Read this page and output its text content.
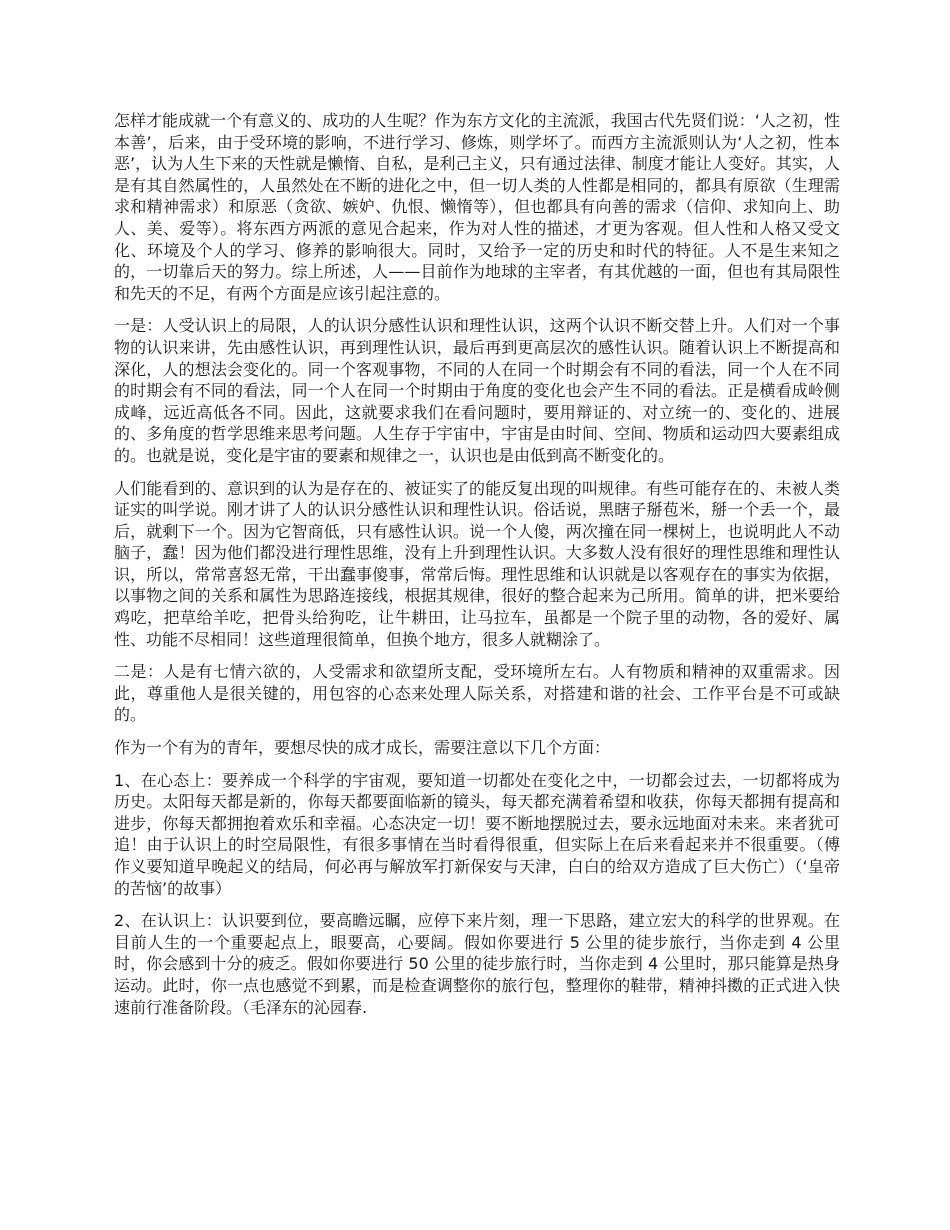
怎样才能成就一个有意义的、成功的人生呢？作为东方文化的主流派，我国古代先贤们说：‘人之初，性本善’，后来，由于受环境的影响，不进行学习、修炼，则学坏了。而西方主流派则认为‘人之初，性本恶’，认为人生下来的天性就是懒惰、自私，是利己主义，只有通过法律、制度才能让人变好。其实，人是有其自然属性的，人虽然处在不断的进化之中，但一切人类的人性都是相同的，都具有原欲（生理需求和精神需求）和原恶（贪欲、嫉妒、仇恨、懒惰等），但也都具有向善的需求（信仰、求知向上、助人、美、爱等）。将东西方两派的意见合起来，作为对人性的描述，才更为客观。但人性和人格又受文化、环境及个人的学习、修养的影响很大。同时，又给予一定的历史和时代的特征。人不是生来知之的，一切靠后天的努力。综上所述，人——目前作为地球的主宰者，有其优越的一面，但也有其局限性和先天的不足，有两个方面是应该引起注意的。

一是：人受认识上的局限，人的认识分感性认识和理性认识，这两个认识不断交替上升。人们对一个事物的认识来讲，先由感性认识，再到理性认识，最后再到更高层次的感性认识。随着认识上不断提高和深化，人的想法会变化的。同一个客观事物，不同的人在同一个时期会有不同的看法，同一个人在不同的时期会有不同的看法，同一个人在同一个时期由于角度的变化也会产生不同的看法。正是横看成岭侧成峰，远近高低各不同。因此，这就要求我们在看问题时，要用辩证的、对立统一的、变化的、进展的、多角度的哲学思维来思考问题。人生存于宇宙中，宇宙是由时间、空间、物质和运动四大要素组成的。也就是说，变化是宇宙的要素和规律之一，认识也是由低到高不断变化的。

人们能看到的、意识到的认为是存在的、被证实了的能反复出现的叫规律。有些可能存在的、未被人类证实的叫学说。刚才讲了人的认识分感性认识和理性认识。俗话说，黑瞎子掰苞米，掰一个丢一个，最后，就剩下一个。因为它智商低，只有感性认识。说一个人傻，两次撞在同一棵树上，也说明此人不动脑子，蠢！因为他们都没进行理性思维，没有上升到理性认识。大多数人没有很好的理性思维和理性认识，所以，常常喜怒无常，干出蠢事傻事，常常后悔。理性思维和认识就是以客观存在的事实为依据，以事物之间的关系和属性为思路连接线，根据其规律，很好的整合起来为己所用。简单的讲，把米要给鸡吃，把草给羊吃，把骨头给狗吃，让牛耕田，让马拉车，虽都是一个院子里的动物，各的爱好、属性、功能不尽相同！这些道理很简单，但换个地方，很多人就糊涂了。

二是：人是有七情六欲的，人受需求和欲望所支配，受环境所左右。人有物质和精神的双重需求。因此，尊重他人是很关键的，用包容的心态来处理人际关系，对搭建和谐的社会、工作平台是不可或缺的。

作为一个有为的青年，要想尽快的成才成长，需要注意以下几个方面：

1、在心态上：要养成一个科学的宇宙观，要知道一切都处在变化之中，一切都会过去，一切都将成为历史。太阳每天都是新的，你每天都要面临新的镜头，每天都充满着希望和收获，你每天都拥有提高和进步，你每天都拥抱着欢乐和幸福。心态决定一切！要不断地摆脱过去，要永远地面对未来。来者犹可追！由于认识上的时空局限性，有很多事情在当时看得很重，但实际上在后来看起来并不很重要。（傅作义要知道早晚起义的结局，何必再与解放军打新保安与天津，白白的给双方造成了巨大伤亡）（‘皇帝的苦恼’的故事）

2、在认识上：认识要到位，要高瞻远瞩，应停下来片刻，理一下思路，建立宏大的科学的世界观。在目前人生的一个重要起点上，眼要高，心要阔。假如你要进行 5 公里的徒步旅行，当你走到 4 公里时，你会感到十分的疲乏。假如你要进行 50 公里的徒步旅行时，当你走到 4 公里时，那只能算是热身运动。此时，你一点也感觉不到累，而是检查调整你的旅行包，整理你的鞋带，精神抖擞的正式进入快速前行准备阶段。（毛泽东的沁园春.
